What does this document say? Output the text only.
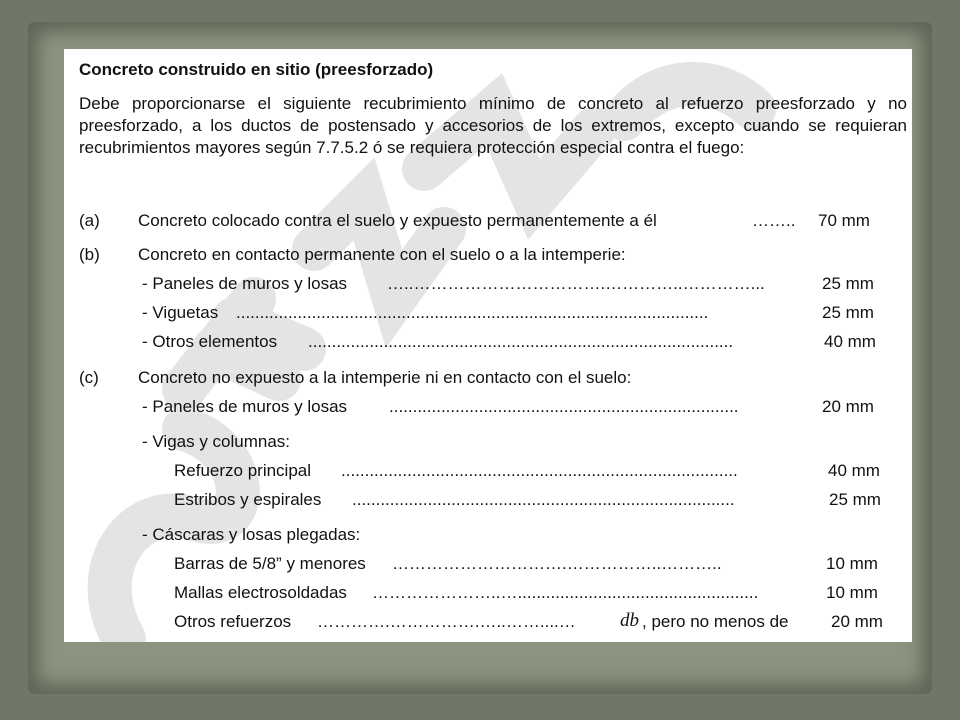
Concreto construido en sitio (preesforzado)
Debe proporcionarse el siguiente recubrimiento mínimo de concreto al refuerzo preesforzado y no preesforzado, a los ductos de postensado y accesorios de los extremos, excepto cuando se requieran recubrimientos mayores según 7.7.5.2 ó se requiera protección especial contra el fuego:
(a) Concreto colocado contra el suelo y expuesto permanentemente a él	……..	70 mm
(b) Concreto en contacto permanente con el suelo o a la intemperie:
- Paneles de muros y losas …..…………………………….…………..…………...	25 mm
- Viguetas ....................................................................................................	25 mm
- Otros elementos ..........................................................................................	40 mm
(c) Concreto no expuesto a la intemperie ni en contacto con el suelo:
- Paneles de muros y losas ..........................................................................	20 mm
- Vigas y columnas:
Refuerzo principal ....................................................................................	40 mm
Estribos y espirales .................................................................................	25 mm
- Cáscaras y losas plegadas:
Barras de 5/8” y menores ………………………….……………..………..	10 mm
Mallas electrosoldadas …………………..…...................................................	10 mm
Otros refuerzos ………….…………….…..……....…	db , pero no menos de	20 mm
